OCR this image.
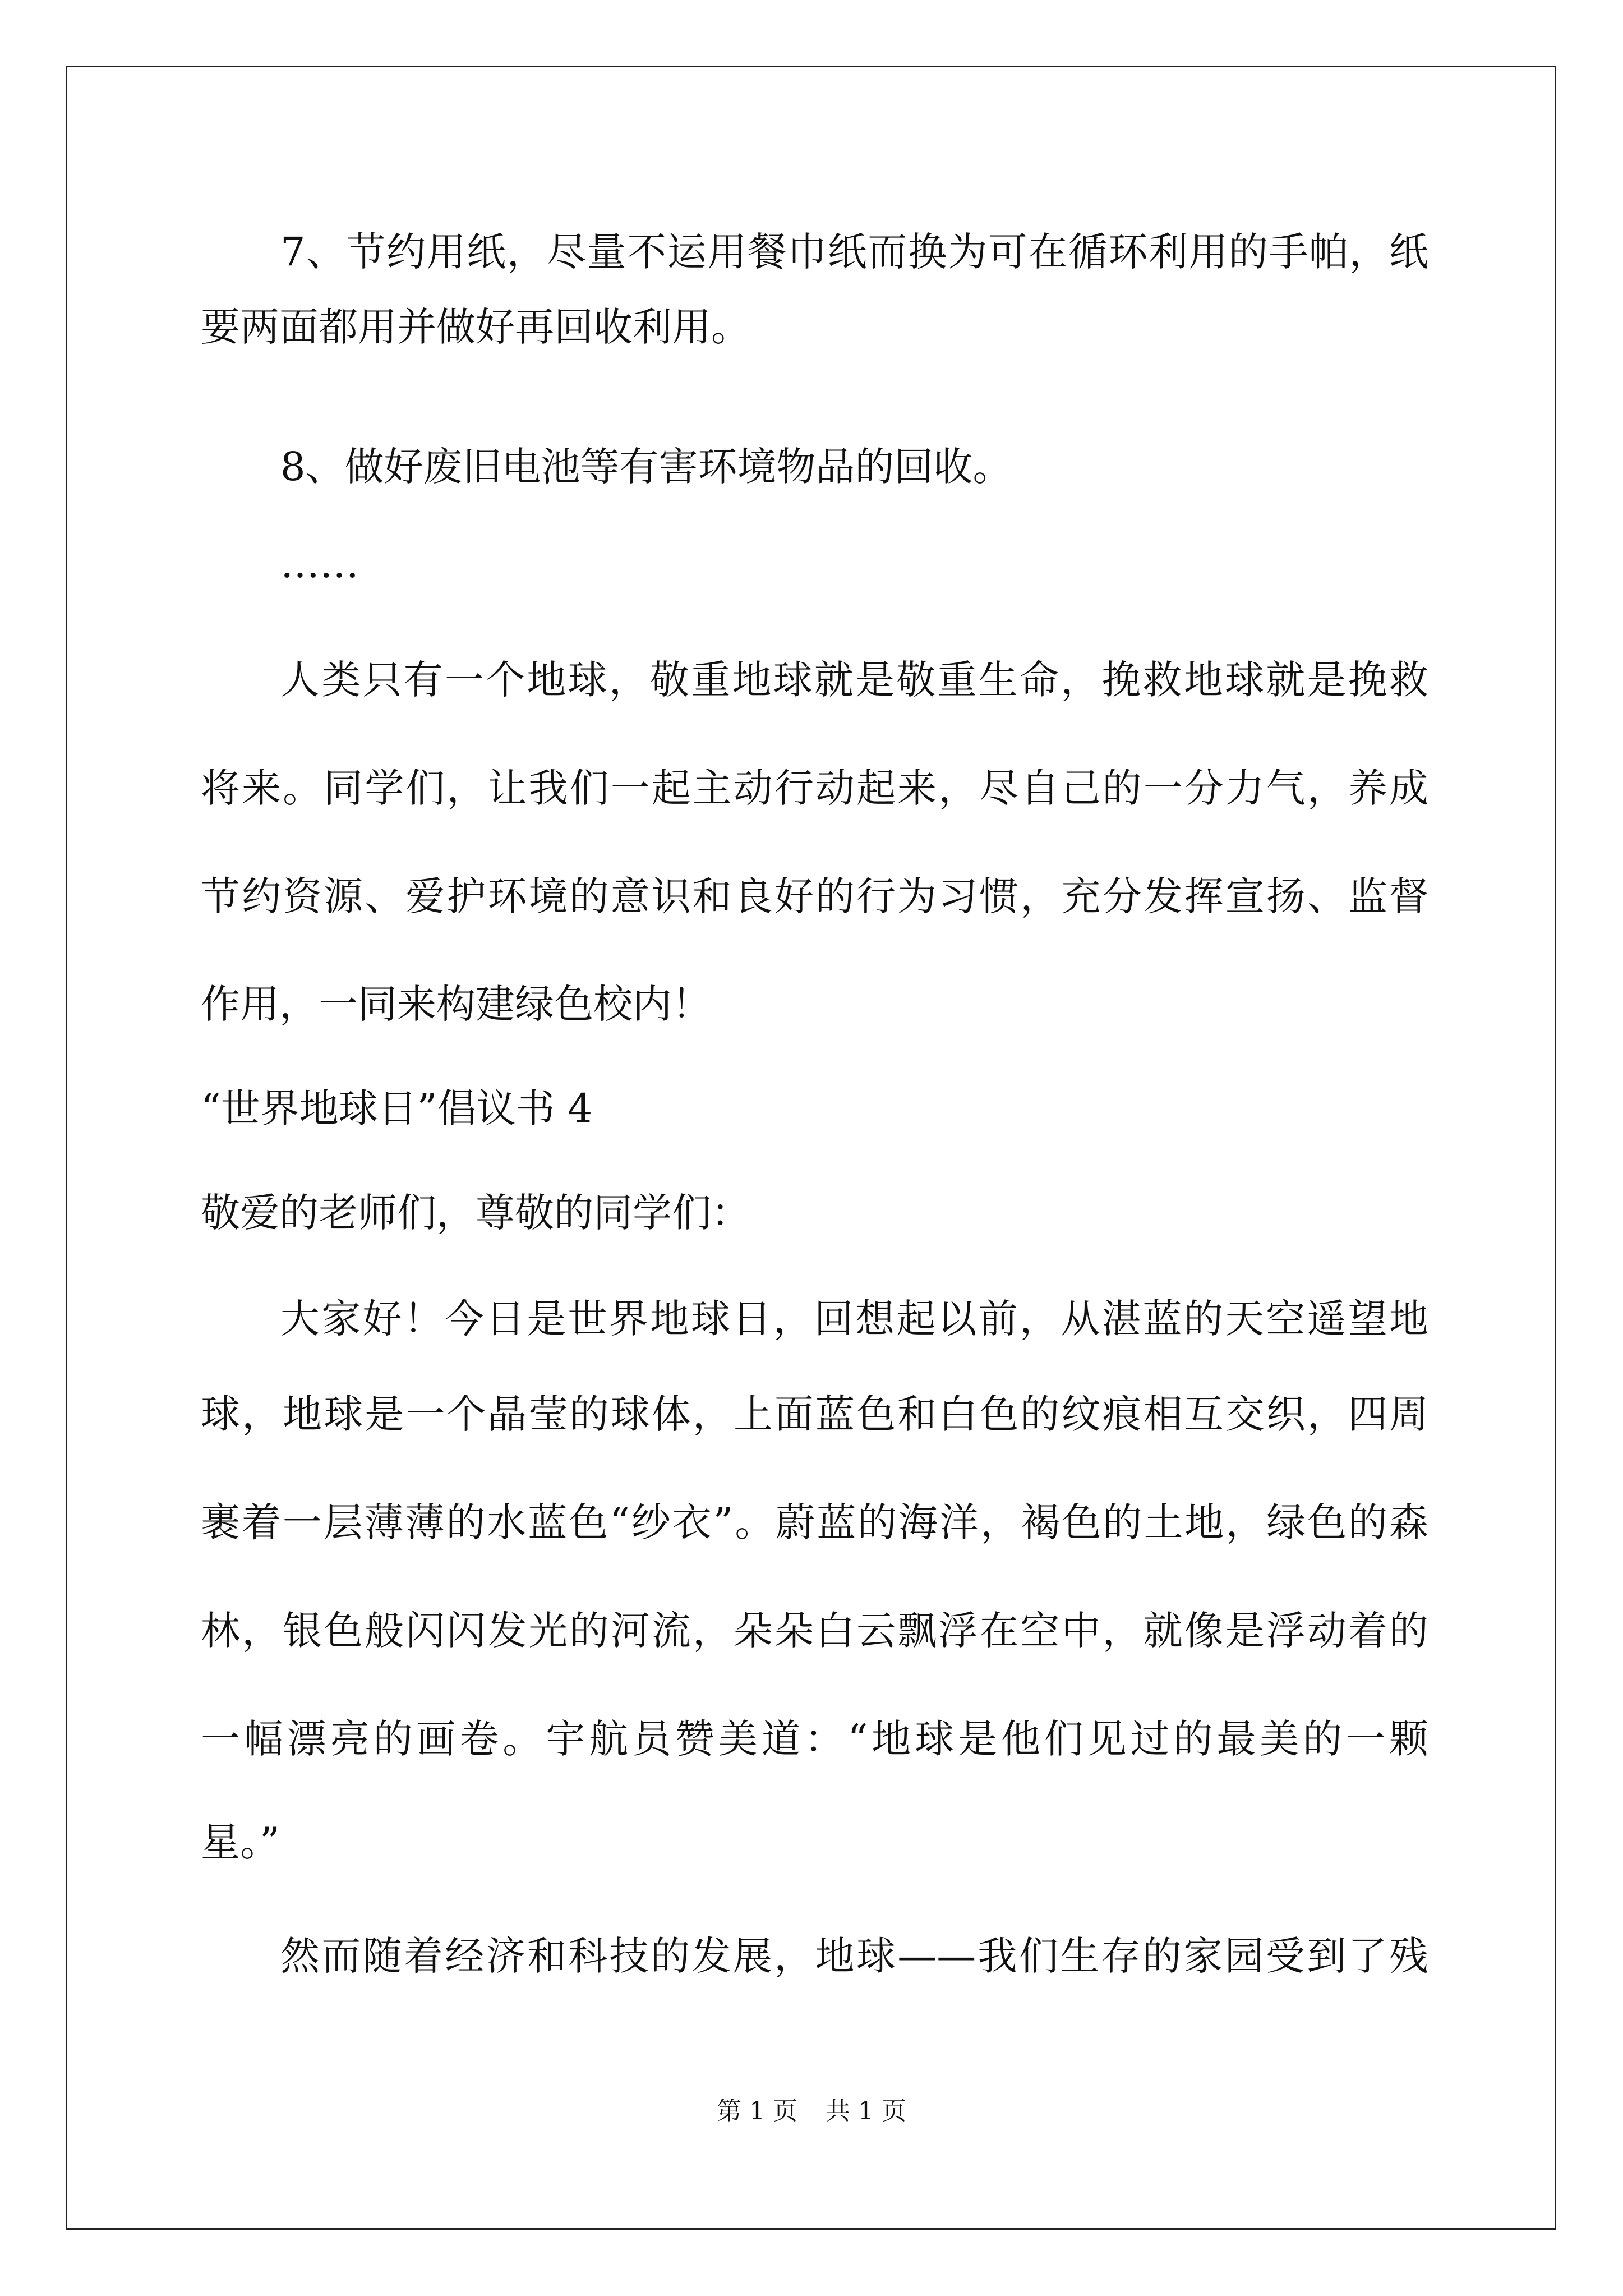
7、节约用纸，尽量不运用餐巾纸而换为可在循环利用的手帕，纸
要两面都用并做好再回收利用。
8、做好废旧电池等有害环境物品的回收。
……
人类只有一个地球，敬重地球就是敬重生命，挽救地球就是挽救
将来。同学们，让我们一起主动行动起来，尽自己的一分力气，养成
节约资源、爱护环境的意识和良好的行为习惯，充分发挥宣扬、监督
作用，一同来构建绿色校内！
“世界地球日”倡议书 4
敬爱的老师们，尊敬的同学们：
大家好！今日是世界地球日，回想起以前，从湛蓝的天空遥望地
球，地球是一个晶莹的球体，上面蓝色和白色的纹痕相互交织，四周
裹着一层薄薄的水蓝色“纱衣”。蔚蓝的海洋，褐色的土地，绿色的森
林，银色般闪闪发光的河流，朵朵白云飘浮在空中，就像是浮动着的
一幅漂亮的画卷。宇航员赞美道：“地球是他们见过的最美的一颗
星。”
然而随着经济和科技的发展，地球——我们生存的家园受到了残
第 1 页 共 1 页
